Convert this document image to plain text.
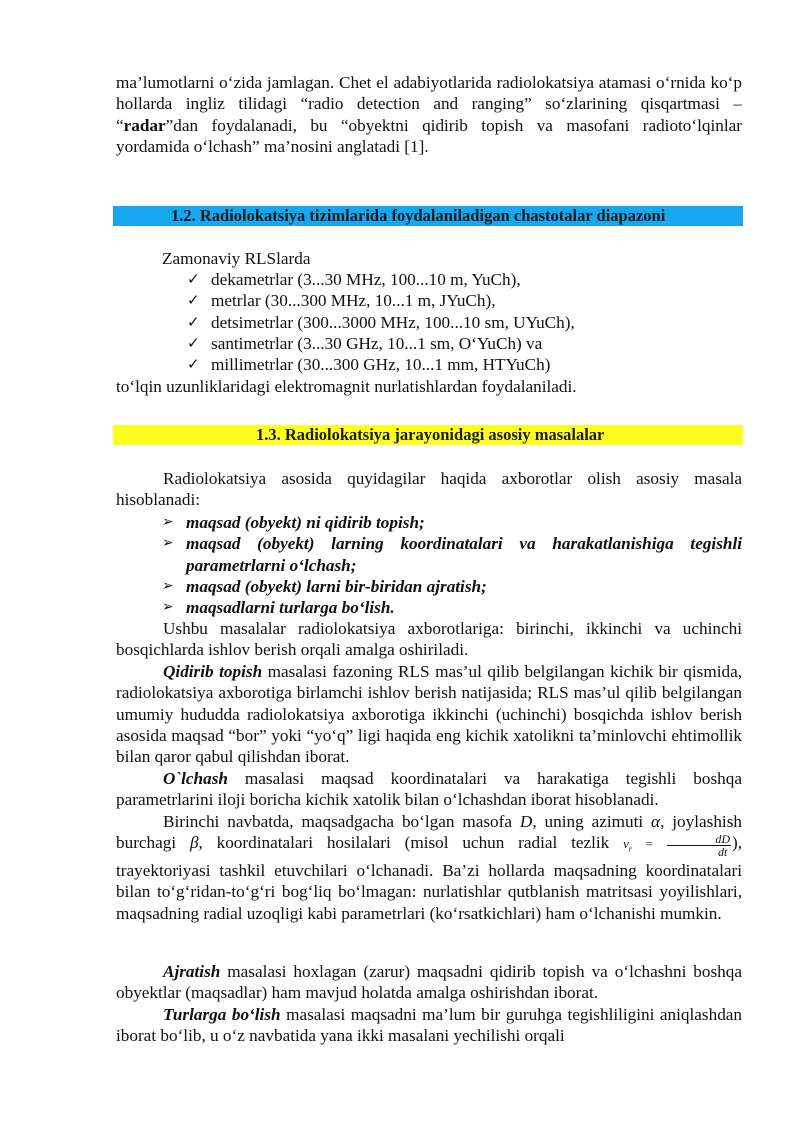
ma’lumotlarni o‘zida jamlagan. Chet el adabiyotlarida radiolokatsiya atamasi o‘rnida ko‘p hollarda ingliz tilidagi “radio detection and ranging” so‘zlarining qisqartmasi – “radar”dan foydalanadi, bu “obyektni qidirib topish va masofani radioto‘lqinlar yordamida o‘lchash” ma’nosini anglatadi [1].

1.2. Radiolokatsiya tizimlarida foydalaniladigan chastotalar diapazoni

Zamonaviy RLSlarda

✓ dekametrlar (3...30 MHz, 100...10 m, YuCh),
✓ metrlar (30...300 MHz, 10...1 m, JYuCh),
✓ detsimetrlar (300...3000 MHz, 100...10 sm, UYuCh),
✓ santimetrlar (3...30 GHz, 10...1 sm, O‘YuCh) va
✓ millimetrlar (30...300 GHz, 10...1 mm, HTYuCh)

to‘lqin uzunliklaridagi elektromagnit nurlatishlardan foydalaniladi.

1.3. Radiolokatsiya jarayonidagi asosiy masalalar

Radiolokatsiya asosida quyidagilar haqida axborotlar olish asosiy masala hisoblanadi:

➢ maqsad (obyekt) ni qidirib topish;
➢ maqsad (obyekt) larning koordinatalari va harakatlanishiga tegishli parametrlarni o‘lchash;
➢ maqsad (obyekt) larni bir-biridan ajratish;
➢ maqsadlarni turlarga bo‘lish.

Ushbu masalalar radiolokatsiya axborotlariga: birinchi, ikkinchi va uchinchi bosqichlarda ishlov berish orqali amalga oshiriladi.

Qidirib topish masalasi fazoning RLS mas’ul qilib belgilangan kichik bir qismida, radiolokatsiya axborotiga birlamchi ishlov berish natijasida; RLS mas’ul qilib belgilangan umumiy hududda radiolokatsiya axborotiga ikkinchi (uchinchi) bosqichda ishlov berish asosida maqsad “bor” yoki “yo‘q” ligi haqida eng kichik xatolikni ta’minlovchi ehtimollik bilan qaror qabul qilishdan iborat.

O`lchash masalasi maqsad koordinatalari va harakatiga tegishli boshqa parametrlarini iloji boricha kichik xatolik bilan o‘lchashdan iborat hisoblanadi.

Birinchi navbatda, maqsadgacha bo‘lgan masofa D, uning azimuti α, joylashish burchagi β, koordinatalari hosilalari (misol uchun radial tezlik $v_r = \frac{dD}{dt}$ ), trayektoriyasi tashkil etuvchilari o‘lchanadi. Ba’zi hollarda maqsadning koordinatalari bilan to‘g‘ridan-to‘g‘ri bog‘liq bo‘lmagan: nurlatishlar qutblanish matritsasi yoyilishlari, maqsadning radial uzoqligi kabi parametrlari (ko‘rsatkichlari) ham o‘lchanishi mumkin.

Ajratish masalasi hoxlagan (zarur) maqsadni qidirib topish va o‘lchashni boshqa obyektlar (maqsadlar) ham mavjud holatda amalga oshirishdan iborat.

Turlarga bo‘lish masalasi maqsadni ma’lum bir guruhga tegishliligini aniqlashdan iborat bo‘lib, u o‘z navbatida yana ikki masalani yechilishi orqali
